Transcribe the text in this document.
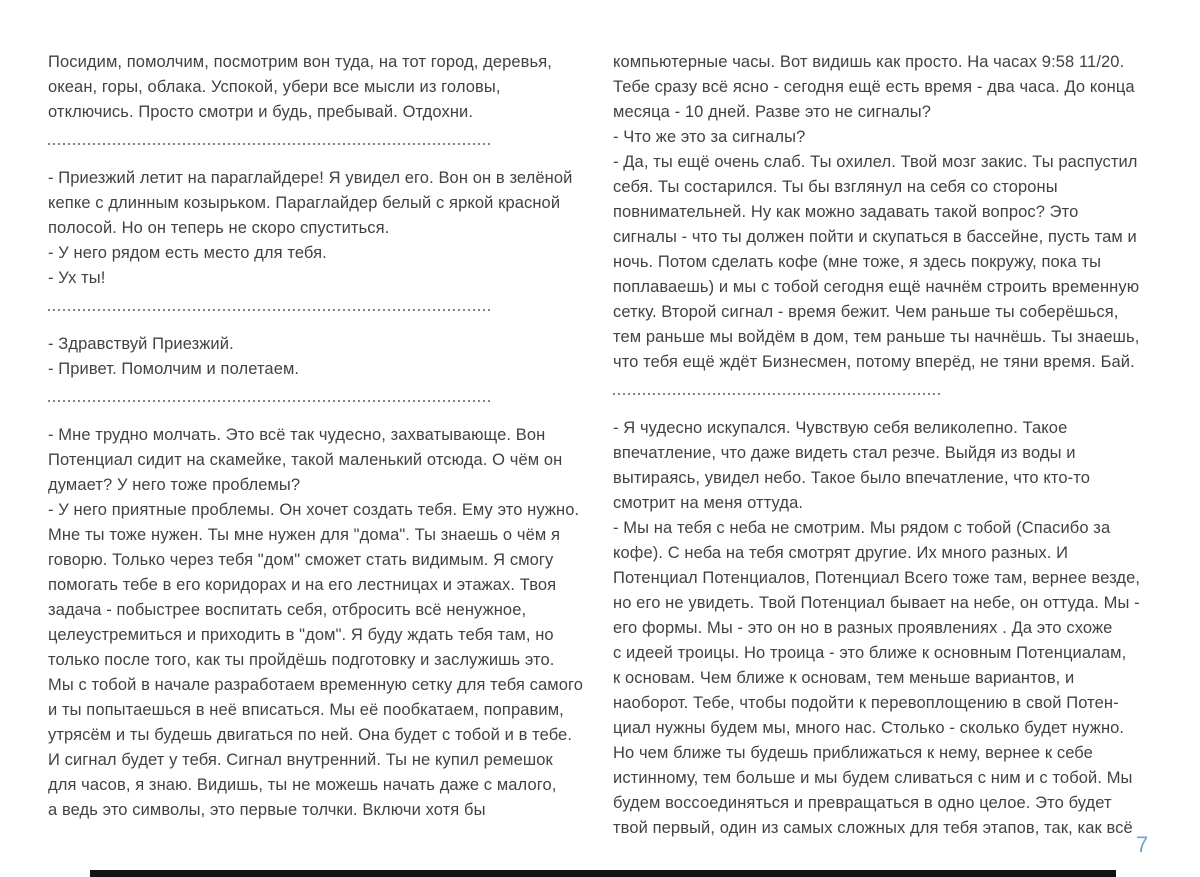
Посидим, помолчим, посмотрим вон туда, на тот город, деревья,
океан, горы, облака. Успокой, убери все мысли из головы,
отключись. Просто смотри и будь, пребывай. Отдохни.
- Приезжий летит на параглайдере! Я увидел его. Вон он в зелёной
кепке с длинным козырьком. Параглайдер белый с яркой красной
полосой. Но он теперь не скоро спуститься.
- У него рядом есть место для тебя.
- Ух ты!
- Здравствуй Приезжий.
- Привет. Помолчим и полетаем.
- Мне трудно молчать. Это всё так чудесно, захватывающе. Вон
Потенциал сидит на скамейке, такой маленький отсюда. О чём он
думает? У него тоже проблемы?
- У него приятные проблемы. Он хочет создать тебя. Ему это нужно.
Мне ты тоже нужен. Ты мне нужен для "дома". Ты знаешь о чём я
говорю. Только через тебя "дом" сможет стать видимым. Я смогу
помогать тебе в его коридорах и на его лестницах и этажах. Твоя
задача - побыстрее воспитать себя, отбросить всё ненужное,
целеустремиться и приходить в "дом". Я буду ждать тебя там, но
только после того, как ты пройдёшь подготовку и заслужишь это.
Мы с тобой в начале разработаем временную сетку для тебя самого
и ты попытаешься в неё вписаться. Мы её пообкатаем, поправим,
утрясём и ты будешь двигаться по ней. Она будет с тобой и в тебе.
И сигнал будет у тебя. Сигнал внутренний. Ты не купил ремешок
для часов, я знаю. Видишь, ты не можешь начать даже с малого,
а ведь это символы, это первые толчки. Включи хотя бы
компьютерные часы. Вот видишь как просто. На часах 9:58 11/20.
Тебе сразу всё ясно - сегодня ещё есть время - два часа. До конца
месяца - 10 дней. Разве это не сигналы?
- Что же это за сигналы?
- Да, ты ещё очень слаб. Ты охилел. Твой мозг закис. Ты распустил
себя. Ты состарился. Ты бы взглянул на себя со стороны
повнимательней. Ну как можно задавать такой вопрос? Это
сигналы - что ты должен пойти и скупаться в бассейне, пусть там и
ночь. Потом сделать кофе (мне тоже, я здесь покружу, пока ты
поплаваешь) и мы с тобой сегодня ещё начнём строить временную
сетку. Второй сигнал - время бежит. Чем раньше ты соберёшься,
тем раньше мы войдём в дом, тем раньше ты начнёшь. Ты знаешь,
что тебя ещё ждёт Бизнесмен, потому вперёд, не тяни время. Бай.
- Я чудесно искупался. Чувствую себя великолепно. Такое
впечатление, что даже видеть стал резче. Выйдя из воды и
вытираясь, увидел небо. Такое было впечатление, что кто-то
смотрит на меня оттуда.
- Мы на тебя с неба не смотрим. Мы рядом с тобой (Спасибо за
кофе). С неба на тебя смотрят другие. Их много разных. И
Потенциал Потенциалов, Потенциал Всего тоже там, вернее везде,
но его не увидеть. Твой Потенциал бывает на небе, он оттуда. Мы -
его формы. Мы - это он но в разных проявлениях . Да это схоже
с идеей троицы. Но троица - это ближе к основным Потенциалам,
к основам. Чем ближе к основам, тем меньше вариантов, и
наоборот. Тебе, чтобы подойти к перевоплощению в свой Потен-
циал нужны будем мы, много нас. Столько - сколько будет нужно.
Но чем ближе ты будешь приближаться к нему, вернее к себе
истинному, тем больше и мы будем сливаться с ним и с тобой. Мы
будем воссоединяться и превращаться в одно целое. Это будет
твой первый, один из самых сложных для тебя этапов, так, как всё
7
